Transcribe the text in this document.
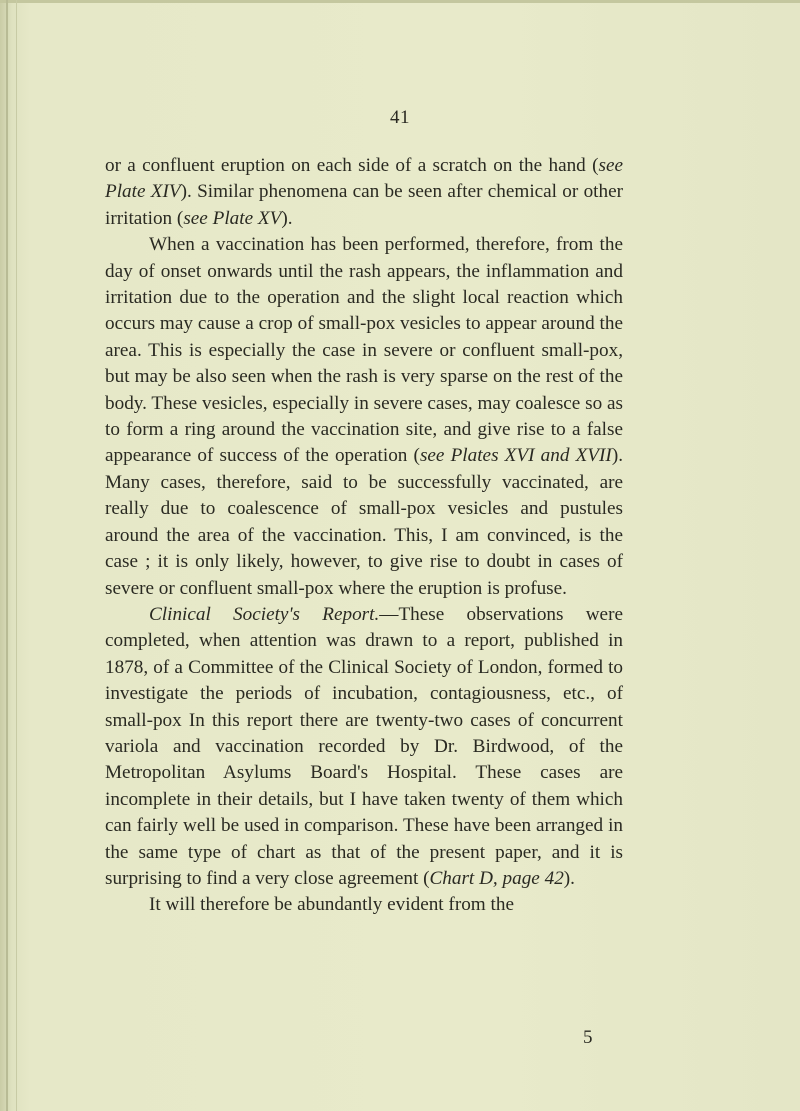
41

or a confluent eruption on each side of a scratch on the hand (see Plate XIV). Similar phenomena can be seen after chemical or other irritation (see Plate XV).

When a vaccination has been performed, therefore, from the day of onset onwards until the rash appears, the inflammation and irritation due to the operation and the slight local reaction which occurs may cause a crop of small-pox vesicles to appear around the area. This is especially the case in severe or confluent small-pox, but may be also seen when the rash is very sparse on the rest of the body. These vesicles, especially in severe cases, may coalesce so as to form a ring around the vaccination site, and give rise to a false appearance of success of the operation (see Plates XVI and XVII). Many cases, therefore, said to be successfully vaccinated, are really due to coalescence of small-pox vesicles and pustules around the area of the vaccination. This, I am convinced, is the case ; it is only likely, however, to give rise to doubt in cases of severe or confluent small-pox where the eruption is profuse.

Clinical Society's Report.—These observations were completed, when attention was drawn to a report, published in 1878, of a Committee of the Clinical Society of London, formed to investigate the periods of incubation, contagiousness, etc., of small-pox In this report there are twenty-two cases of concurrent variola and vaccination recorded by Dr. Birdwood, of the Metropolitan Asylums Board's Hospital. These cases are incomplete in their details, but I have taken twenty of them which can fairly well be used in comparison. These have been arranged in the same type of chart as that of the present paper, and it is surprising to find a very close agreement (Chart D, page 42).

It will therefore be abundantly evident from the

5
